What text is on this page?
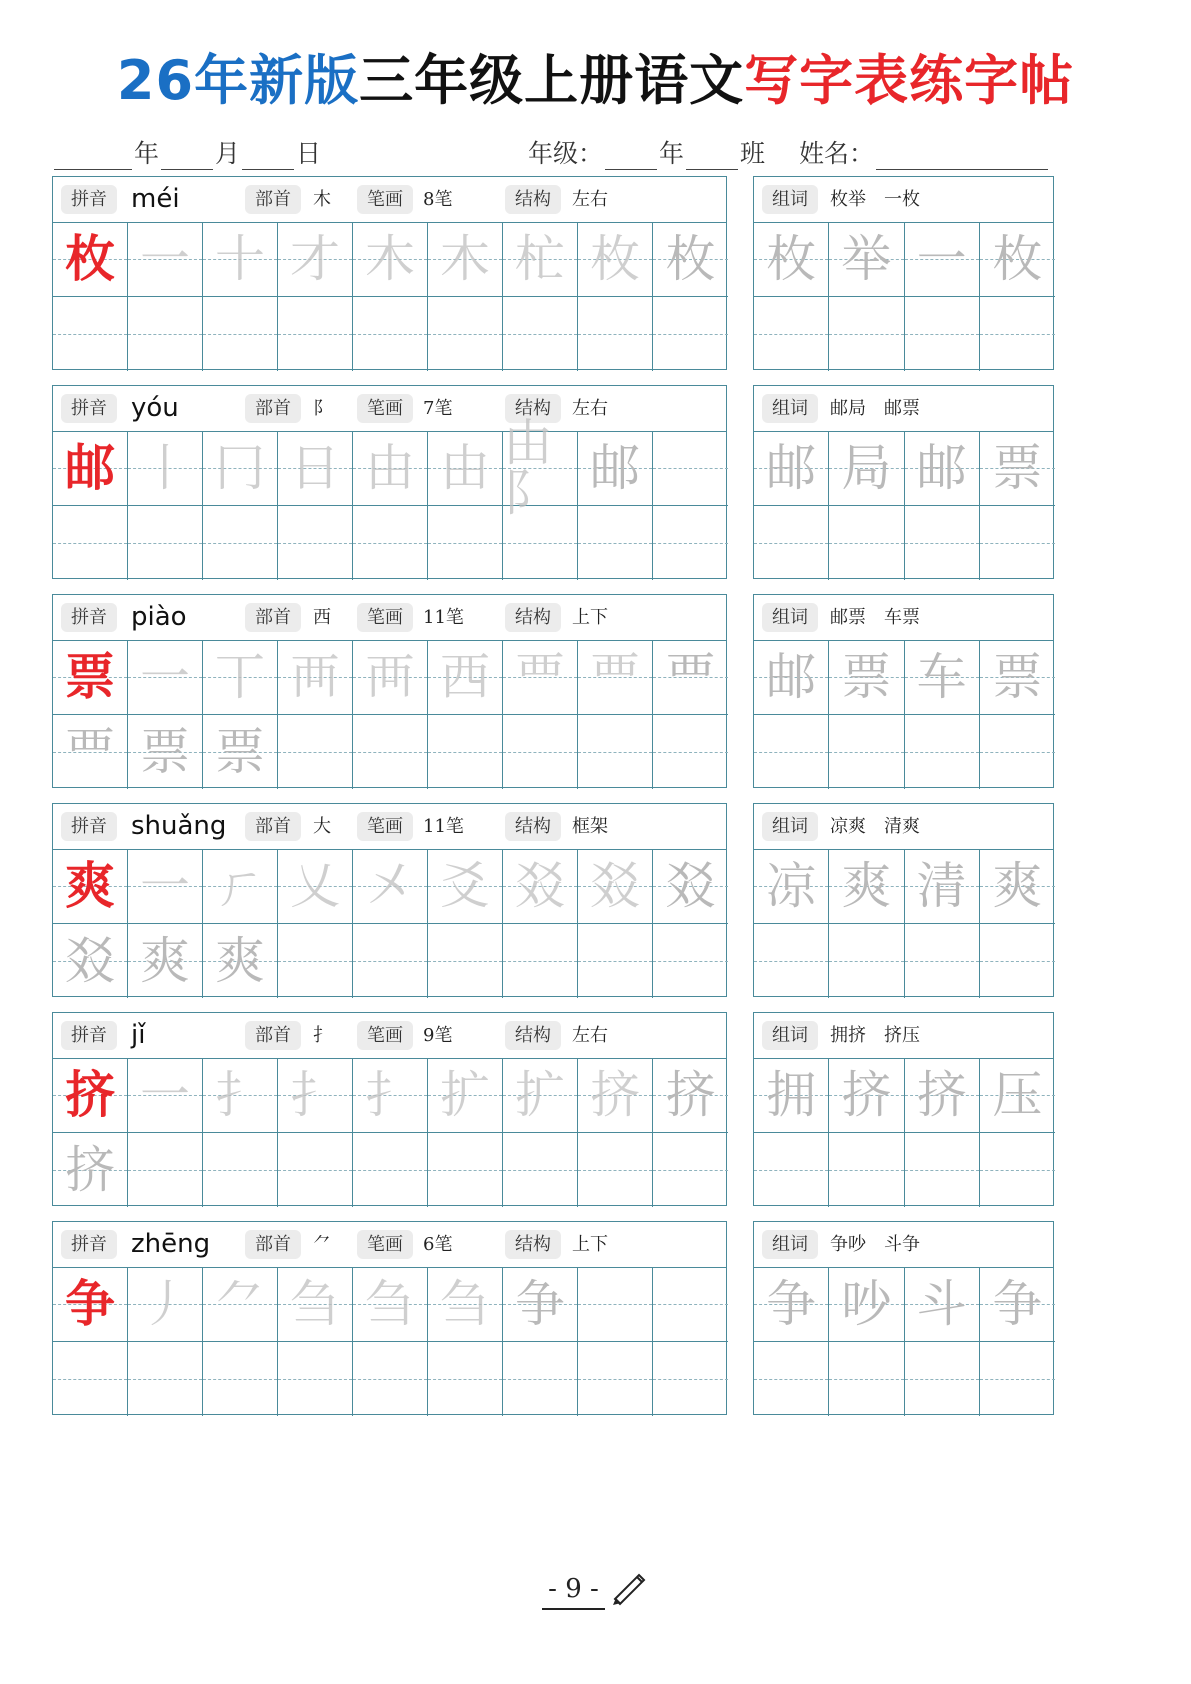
26年新版三年级上册语文写字表练字帖
年 月 日	年级： 年 班 姓名：
拼音 méi	部首	木	笔画	8笔	结构	左右
枚 一 十 才 木 木 杧 枚 枚
组词	枚举　一枚
枚 举 一 枚
拼音 yóu	部首	阝	笔画	7笔	结构	左右
邮 丨 冂 日 由 由 由阝 邮
组词	邮局　邮票
邮 局 邮 票
拼音 piào	部首	西	笔画	11笔	结构	上下
票 一 丅 襾 襾 西 覀 覀 覀
覀 票 票
组词	邮票　车票
邮 票 车 票
拼音 shuǎng	部首	大	笔画	11笔	结构	框架
爽 一 ㄏ 乂 㐅 爻 㸚 㸚 㸚
㸚 爽 爽
组词	凉爽　清爽
凉 爽 清 爽
拼音 jǐ	部首	扌	笔画	9笔	结构	左右
挤 一 扌 扌 扌 扩 扩 挤 挤
挤
组词	拥挤　挤压
拥 挤 挤 压
拼音 zhēng	部首	⺈	笔画	6笔	结构	上下
争 丿 ⺈ 刍 刍 刍 争
组词	争吵　斗争
争 吵 斗 争
- 9 -
